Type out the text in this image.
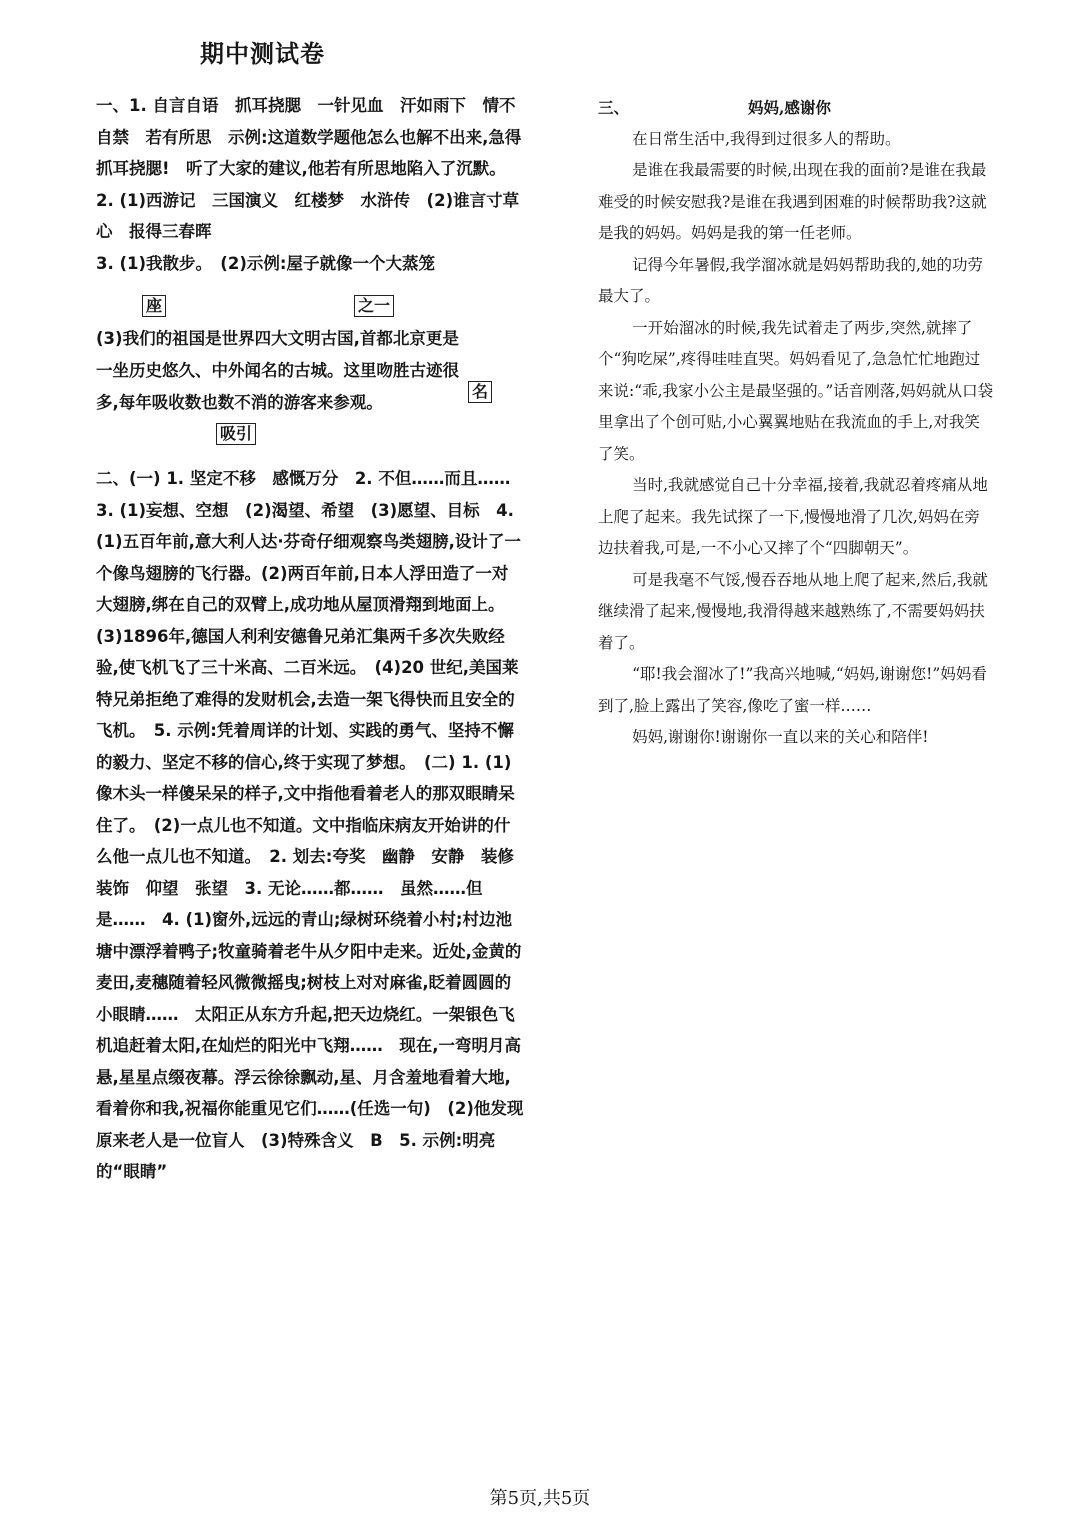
期中测试卷

一、1. 自言自语　抓耳挠腮　一针见血　汗如雨下　情不自禁　若有所思　示例:这道数学题他怎么也解不出来,急得抓耳挠腮!　听了大家的建议,他若有所思地陷入了沉默。　2. (1)西游记　三国演义　红楼梦　水浒传　(2)谁言寸草心　报得三春晖

3. (1)我散步。　(2)示例:屋子就像一个大蒸笼

座	之一
(3)我们的祖国是世界四大文明古国,首都北京更是
一坐历史悠久、中外闻名的古城。这里吻胜古迹很
名
多,每年吸收数也数不消的游客来参观。
吸引

二、(一) 1. 坚定不移　感慨万分　2. 不但……而且……　3. (1)妄想、空想　(2)渴望、希望　(3)愿望、目标　4. (1)五百年前,意大利人达·芬奇仔细观察鸟类翅膀,设计了一个像鸟翅膀的飞行器。(2)两百年前,日本人浮田造了一对大翅膀,绑在自己的双臂上,成功地从屋顶滑翔到地面上。　(3)1896年,德国人利利安德鲁兄弟汇集两千多次失败经验,使飞机飞了三十米高、二百米远。　(4)20 世纪,美国莱特兄弟拒绝了难得的发财机会,去造一架飞得快而且安全的飞机。　5. 示例:凭着周详的计划、实践的勇气、坚持不懈的毅力、坚定不移的信心,终于实现了梦想。　(二) 1. (1)像木头一样傻呆呆的样子,文中指他看着老人的那双眼睛呆住了。　(2)一点儿也不知道。文中指临床病友开始讲的什么他一点儿也不知道。　2. 划去:夸奖　幽静　安静　装修　装饰　仰望　张望　3. 无论……都……　虽然……但是……　4. (1)窗外,远远的青山;绿树环绕着小村;村边池塘中漂浮着鸭子;牧童骑着老牛从夕阳中走来。近处,金黄的麦田,麦穗随着轻风微微摇曳;树枝上对对麻雀,眨着圆圆的小眼睛……　太阳正从东方升起,把天边烧红。一架银色飞机追赶着太阳,在灿烂的阳光中飞翔……　现在,一弯明月高悬,星星点缀夜幕。浮云徐徐飘动,星、月含羞地看着大地,看着你和我,祝福你能重见它们……(任选一句)　(2)他发现原来老人是一位盲人　(3)特殊含义　B　5. 示例:明亮的“眼睛”

三、	妈妈,感谢你

在日常生活中,我得到过很多人的帮助。

是谁在我最需要的时候,出现在我的面前?是谁在我最难受的时候安慰我?是谁在我遇到困难的时候帮助我?这就是我的妈妈。妈妈是我的第一任老师。

记得今年暑假,我学溜冰就是妈妈帮助我的,她的功劳最大了。

一开始溜冰的时候,我先试着走了两步,突然,就摔了个“狗吃屎”,疼得哇哇直哭。妈妈看见了,急急忙忙地跑过来说:“乖,我家小公主是最坚强的。”话音刚落,妈妈就从口袋里拿出了个创可贴,小心翼翼地贴在我流血的手上,对我笑了笑。

当时,我就感觉自己十分幸福,接着,我就忍着疼痛从地上爬了起来。我先试探了一下,慢慢地滑了几次,妈妈在旁边扶着我,可是,一不小心又摔了个“四脚朝天”。

可是我毫不气馁,慢吞吞地从地上爬了起来,然后,我就继续滑了起来,慢慢地,我滑得越来越熟练了,不需要妈妈扶着了。

“耶!我会溜冰了!”我高兴地喊,“妈妈,谢谢您!”妈妈看到了,脸上露出了笑容,像吃了蜜一样……

妈妈,谢谢你!谢谢你一直以来的关心和陪伴!

第5页,共5页
